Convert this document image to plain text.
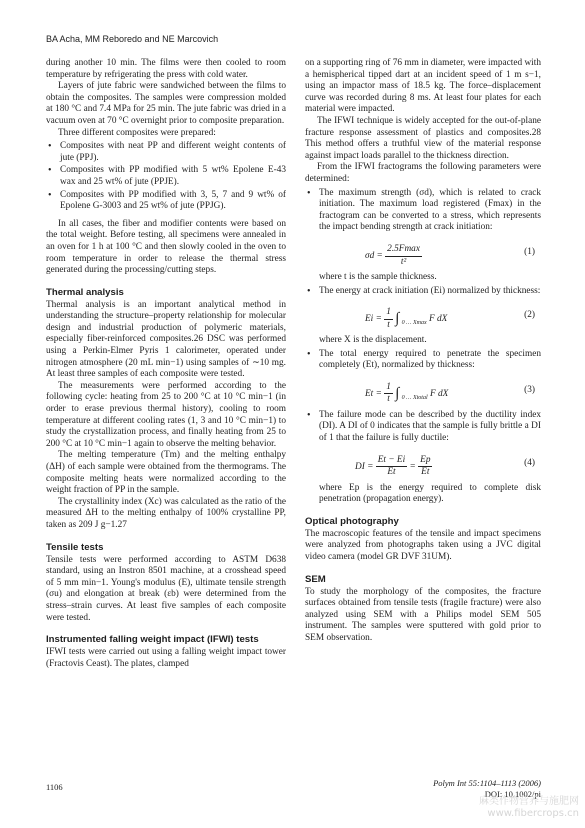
BA Acha, MM Reboredo and NE Marcovich

during another 10 min. The films were then cooled to room temperature by refrigerating the press with cold water.

Layers of jute fabric were sandwiched between the films to obtain the composites. The samples were compression molded at 180 °C and 7.4 MPa for 25 min. The jute fabric was dried in a vacuum oven at 70 °C overnight prior to composite preparation.

Three different composites were prepared:

• Composites with neat PP and different weight contents of jute (PPJ).
• Composites with PP modified with 5 wt% Epolene E-43 wax and 25 wt% of jute (PPJE).
• Composites with PP modified with 3, 5, 7 and 9 wt% of Epolene G-3003 and 25 wt% of jute (PPJG).

In all cases, the fiber and modifier contents were based on the total weight. Before testing, all specimens were annealed in an oven for 1 h at 100 °C and then slowly cooled in the oven to room temperature in order to release the thermal stress generated during the processing/cutting steps.

Thermal analysis

Thermal analysis is an important analytical method in understanding the structure–property relationship for molecular design and industrial production of polymeric materials, especially fiber-reinforced composites.26 DSC was performed using a Perkin-Elmer Pyris 1 calorimeter, operated under nitrogen atmosphere (20 mL min−1) using samples of ∼10 mg. At least three samples of each composite were tested.

The measurements were performed according to the following cycle: heating from 25 to 200 °C at 10 °C min−1 (in order to erase previous thermal history), cooling to room temperature at different cooling rates (1, 3 and 10 °C min−1) to study the crystallization process, and finally heating from 25 to 200 °C at 10 °C min−1 again to observe the melting behavior.

The melting temperature (Tm) and the melting enthalpy (ΔH) of each sample were obtained from the thermograms. The composite melting heats were normalized according to the weight fraction of PP in the sample.

The crystallinity index (Xc) was calculated as the ratio of the measured ΔH to the melting enthalpy of 100% crystalline PP, taken as 209 J g−1.27

Tensile tests

Tensile tests were performed according to ASTM D638 standard, using an Instron 8501 machine, at a crosshead speed of 5 mm min−1. Young's modulus (E), ultimate tensile strength (σu) and elongation at break (εb) were determined from the stress–strain curves. At least five samples of each composite were tested.

Instrumented falling weight impact (IFWI) tests

IFWI tests were carried out using a falling weight impact tower (Fractovis Ceast). The plates, clamped

on a supporting ring of 76 mm in diameter, were impacted with a hemispherical tipped dart at an incident speed of 1 m s−1, using an impactor mass of 18.5 kg. The force–displacement curve was recorded during 8 ms. At least four plates for each material were impacted.

The IFWI technique is widely accepted for the out-of-plane fracture response assessment of plastics and composites.28 This method offers a truthful view of the material response against impact loads parallel to the thickness direction.

From the IFWI fractograms the following parameters were determined:

• The maximum strength (σd), which is related to crack initiation. The maximum load registered (Fmax) in the fractogram can be converted to a stress, which represents the impact bending strength at crack initiation:
$\sigma d = \frac{2.5Fmax}{\text{t²}}$	(1)

where t is the sample thickness.

• The energy at crack initiation (Ei) normalized by thickness:
$Ei = \frac{1}{t}$ ∫ $_{0 \dots Xmax}$ F dX	(2)

where X is the displacement.

• The total energy required to penetrate the specimen completely (Et), normalized by thickness:
$Et = \frac{1}{t}$ ∫ $_{0 \dots Xtotal}$ F dX	(3)
• The failure mode can be described by the ductility index (DI). A DI of 0 indicates that the sample is fully brittle a DI of 1 that the failure is fully ductile:
DI = $\frac{Et - Ei}{Et} = \frac{Ep}{Et}$	(4)

where Ep is the energy required to complete disk penetration (propagation energy).

Optical photography

The macroscopic features of the tensile and impact specimens were analyzed from photographs taken using a JVC digital video camera (model GR DVF 31UM).

SEM

To study the morphology of the composites, the fracture surfaces obtained from tensile tests (fragile fracture) were also analyzed using SEM with a Philips model SEM 505 instrument. The samples were sputtered with gold prior to SEM observation.

1106	Polym Int 55:1104–1113 (2006)
DOI: 10.1002/pi
麻类作物营养与施肥网
www.fibercrops.cn
